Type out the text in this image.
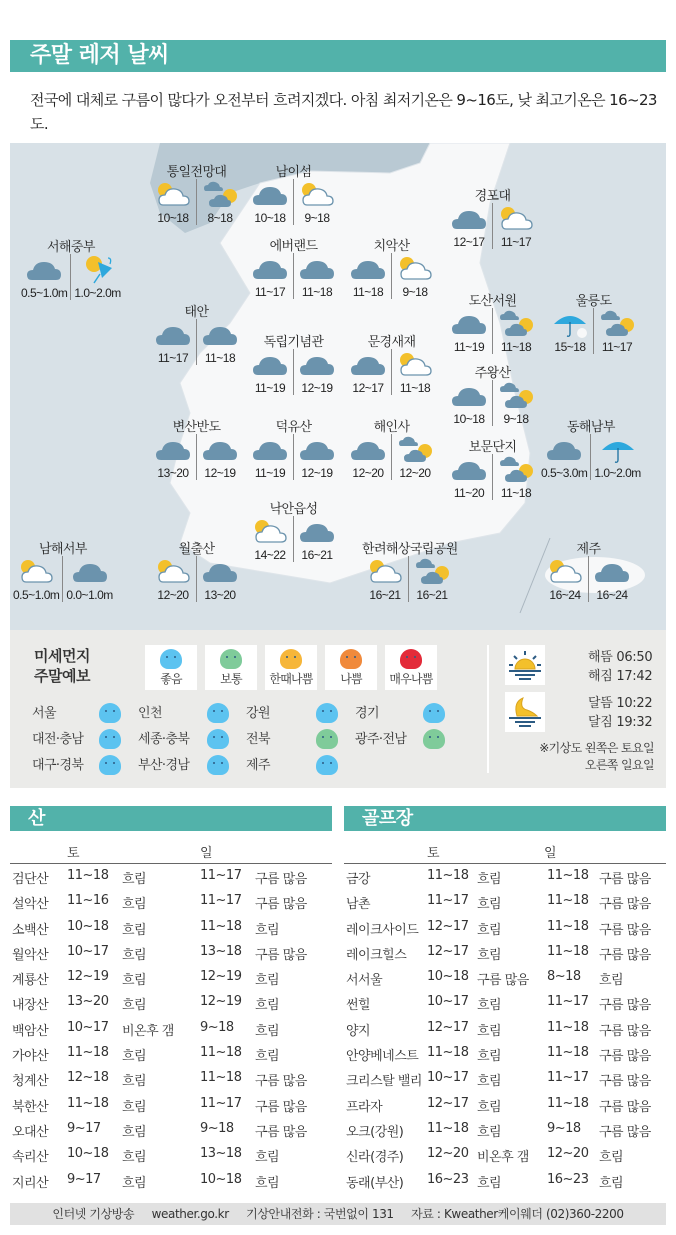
주말 레저 날씨
전국에 대체로 구름이 많다가 오전부터 흐려지겠다. 아침 최저기온은 9~16도, 낮 최고기온은 16~23도.
통일전망대
10~18 8~18
남이섬
10~18 9~18
경포대
12~17 11~17
서해중부
0.5~1.0m 1.0~2.0m
에버랜드
11~17 11~18
치악산
11~18 9~18
태안
11~17 11~18
도산서원
11~19 11~18
울릉도
15~18 11~17
독립기념관
11~19 12~19
문경새재
12~17 11~18
주왕산
10~18 9~18
변산반도
13~20 12~19
덕유산
11~19 12~19
해인사
12~20 12~20
보문단지
11~20 11~18
동해남부
0.5~3.0m 1.0~2.0m
낙안읍성
14~22 16~21
남해서부
0.5~1.0m 0.0~1.0m
월출산
12~20 13~20
한려해상국립공원
16~21 16~21
제주
16~24 16~24
미세먼지
주말예보	좋음	보통 한때나쁨 나쁨 매우나쁨
서울	인천	강원	경기
대전·충남	세종·충북	전북	광주·전남
대구·경북	부산·경남	제주
해뜸 06:50
해짐 17:42
달뜸 10:22
달짐 19:32
※기상도 왼쪽은 토요일
오른쪽 일요일
산
토	일
검단산 11~18 흐림	11~17 구름 많음
설악산 11~16 흐림	11~17 구름 많음
소백산 10~18 흐림	11~18 흐림
월악산 10~17 흐림	13~18 구름 많음
계룡산 12~19 흐림	12~19 흐림
내장산 13~20 흐림	12~19 흐림
백암산 10~17 비온후 갬 9~18 흐림
가야산 11~18 흐림	11~18 흐림
청계산 12~18 흐림	11~18 구름 많음
북한산 11~18 흐림	11~17 구름 많음
오대산 9~17 흐림	9~18 구름 많음
속리산 10~18 흐림	13~18 흐림
지리산 9~17 흐림	10~18 흐림
골프장
토	일
금강	11~18 흐림	11~18 구름 많음
남촌	11~17 흐림	11~18 구름 많음
레이크사이드 12~17 흐림	11~18 구름 많음
레이크힐스 12~17 흐림	11~18 구름 많음
서서울	10~18 구름 많음 8~18 흐림
썬힐	10~17 흐림	11~17 구름 많음
양지	12~17 흐림	11~18 구름 많음
안양베네스트 11~18 흐림	11~18 구름 많음
크리스탈 밸리 10~17 흐림	11~17 구름 많음
프라자	12~17 흐림	11~18 구름 많음
오크(강원) 11~18 흐림	9~18 구름 많음
신라(경주) 12~20 비온후 갬 12~20 흐림
동래(부산) 16~23 흐림	16~23 흐림
인터넷 기상방송 weather.go.kr 기상안내전화 : 국번없이 131 자료 : Kweather케이웨더 (02)360-2200
